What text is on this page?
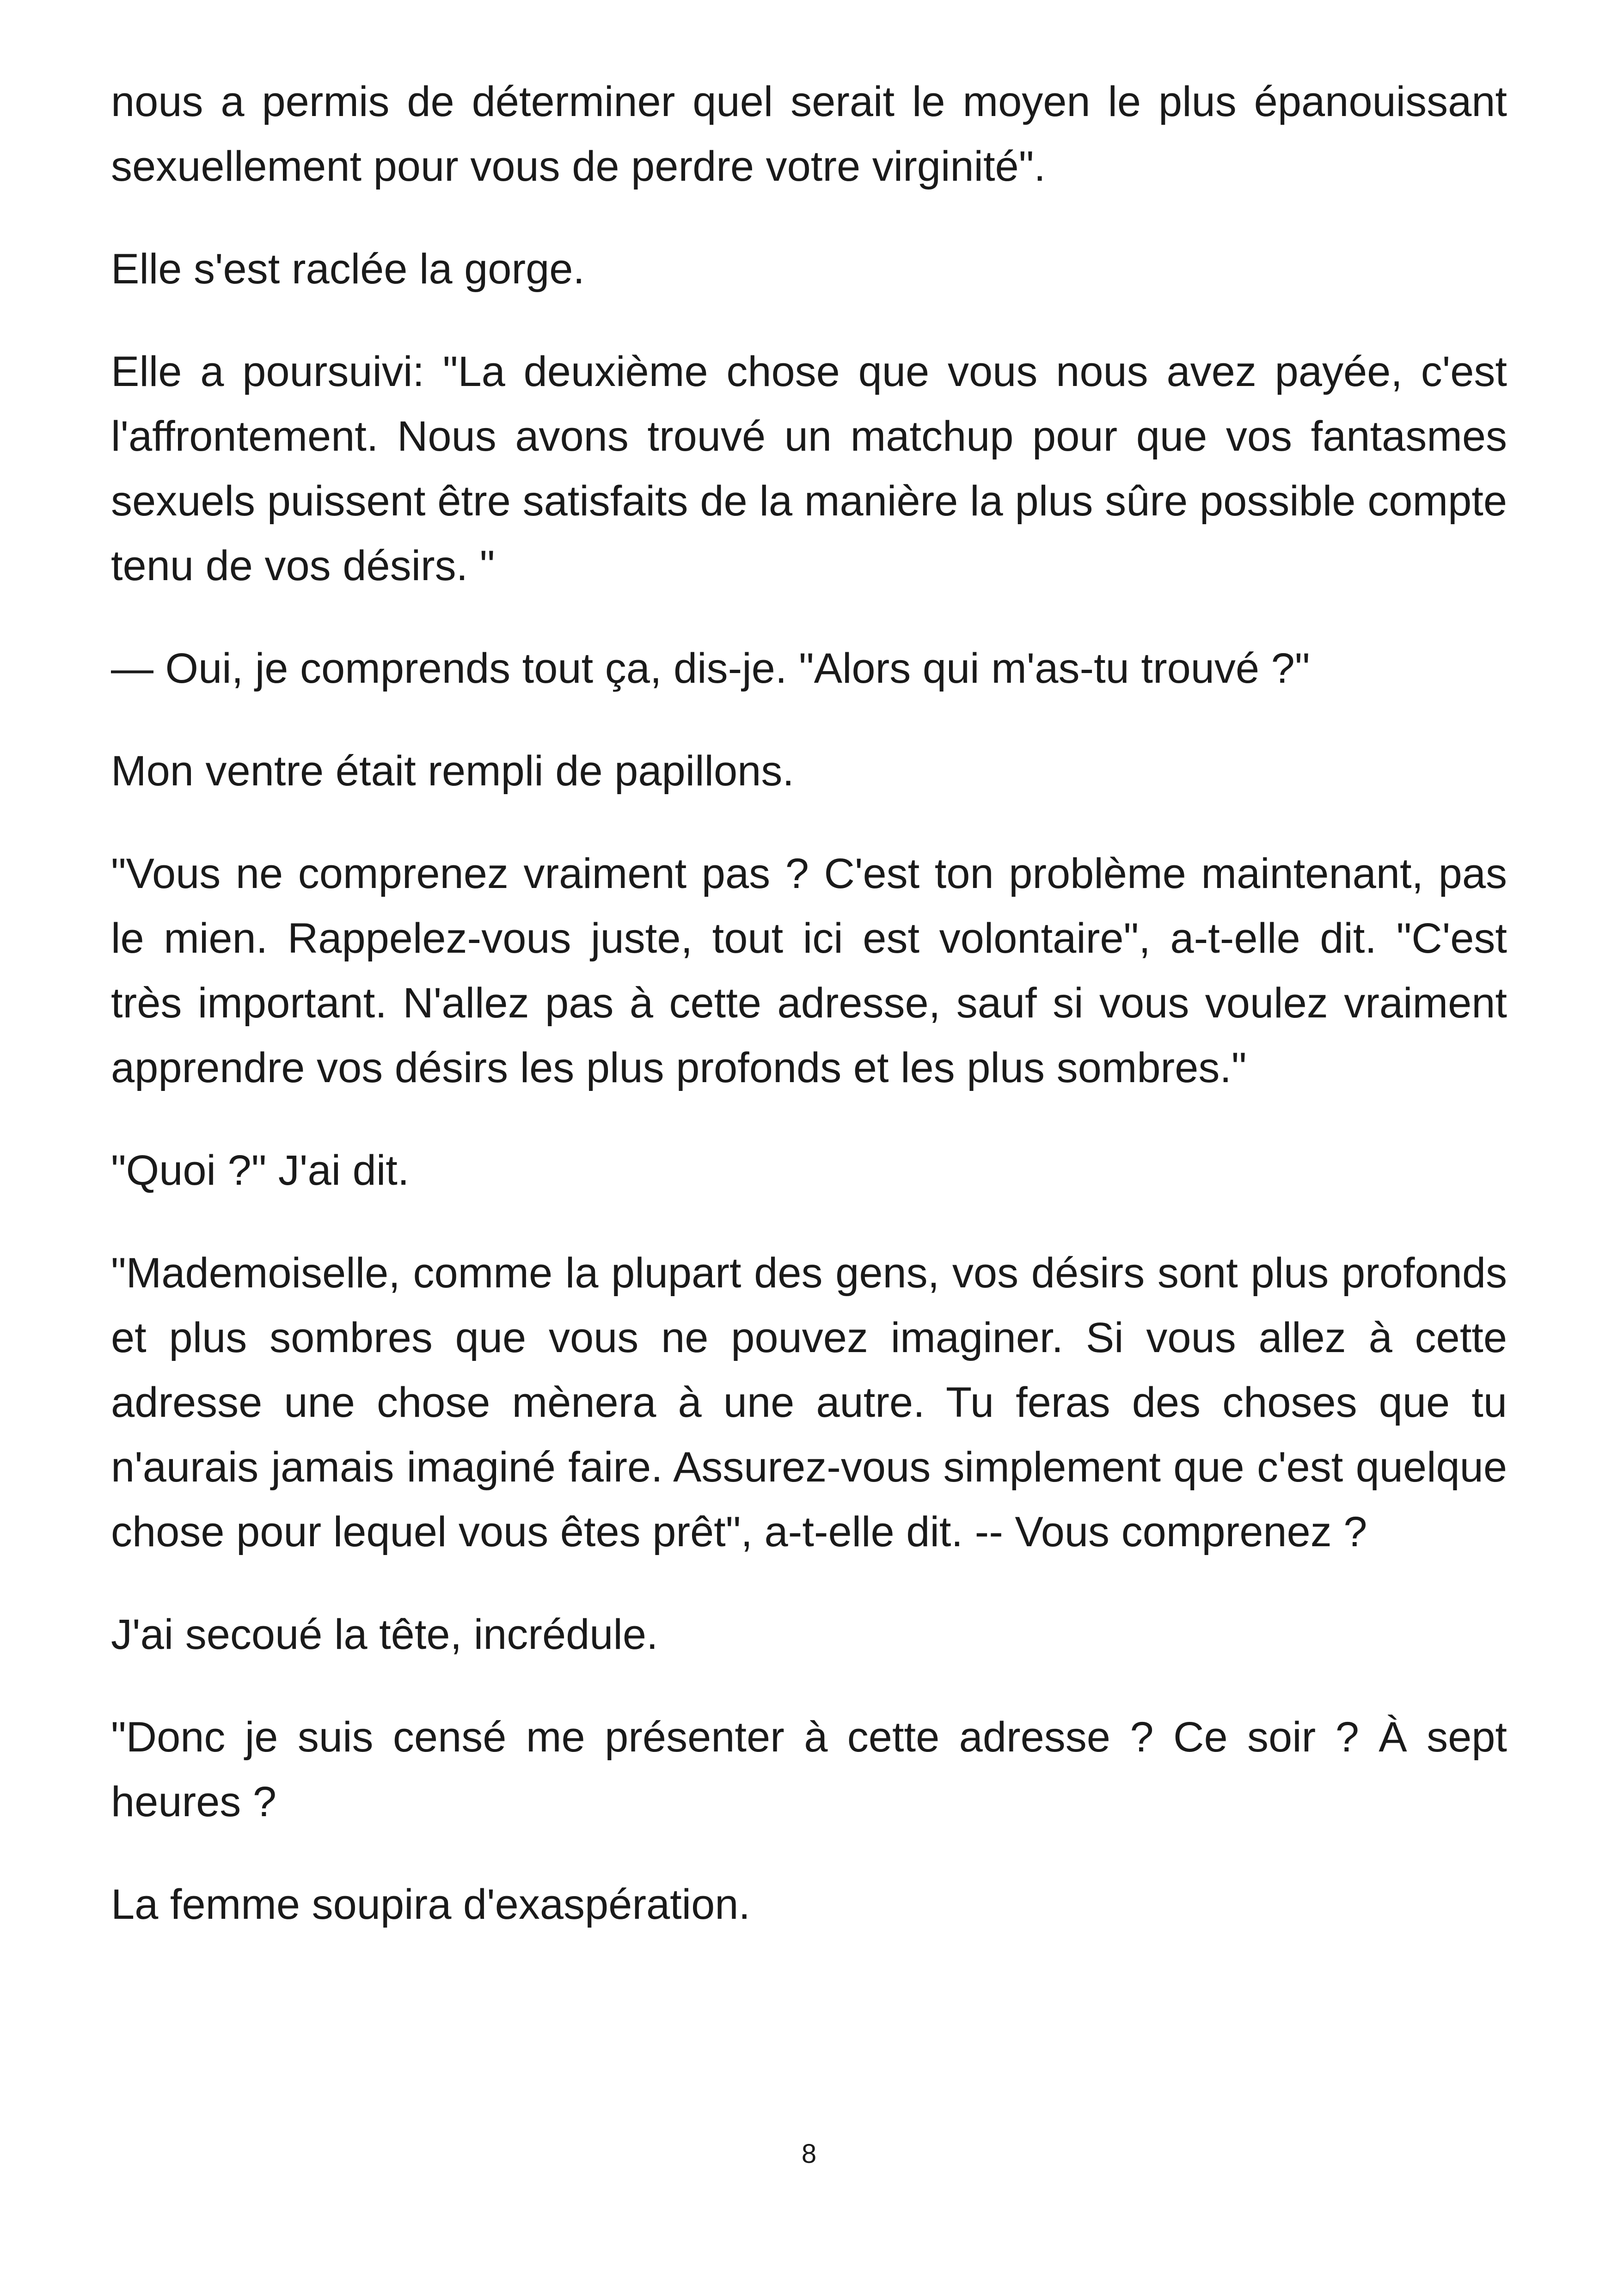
nous a permis de déterminer quel serait le moyen le plus épanouissant sexuellement pour vous de perdre votre virginité".

Elle s'est raclée la gorge.

Elle a poursuivi: "La deuxième chose que vous nous avez payée, c'est l'affrontement. Nous avons trouvé un matchup pour que vos fantasmes sexuels puissent être satisfaits de la manière la plus sûre possible compte tenu de vos désirs. "

— Oui, je comprends tout ça, dis-je. "Alors qui m'as-tu trouvé ?"

Mon ventre était rempli de papillons.

"Vous ne comprenez vraiment pas ? C'est ton problème maintenant, pas le mien. Rappelez-vous juste, tout ici est volontaire", a-t-elle dit. "C'est très important. N'allez pas à cette adresse, sauf si vous voulez vraiment apprendre vos désirs les plus profonds et les plus sombres."

"Quoi ?" J'ai dit.

"Mademoiselle, comme la plupart des gens, vos désirs sont plus profonds et plus sombres que vous ne pouvez imaginer. Si vous allez à cette adresse une chose mènera à une autre. Tu feras des choses que tu n'aurais jamais imaginé faire. Assurez-vous simplement que c'est quelque chose pour lequel vous êtes prêt", a-t-elle dit. -- Vous comprenez ?

J'ai secoué la tête, incrédule.

"Donc je suis censé me présenter à cette adresse ? Ce soir ? À sept heures ?

La femme soupira d'exaspération.

8
